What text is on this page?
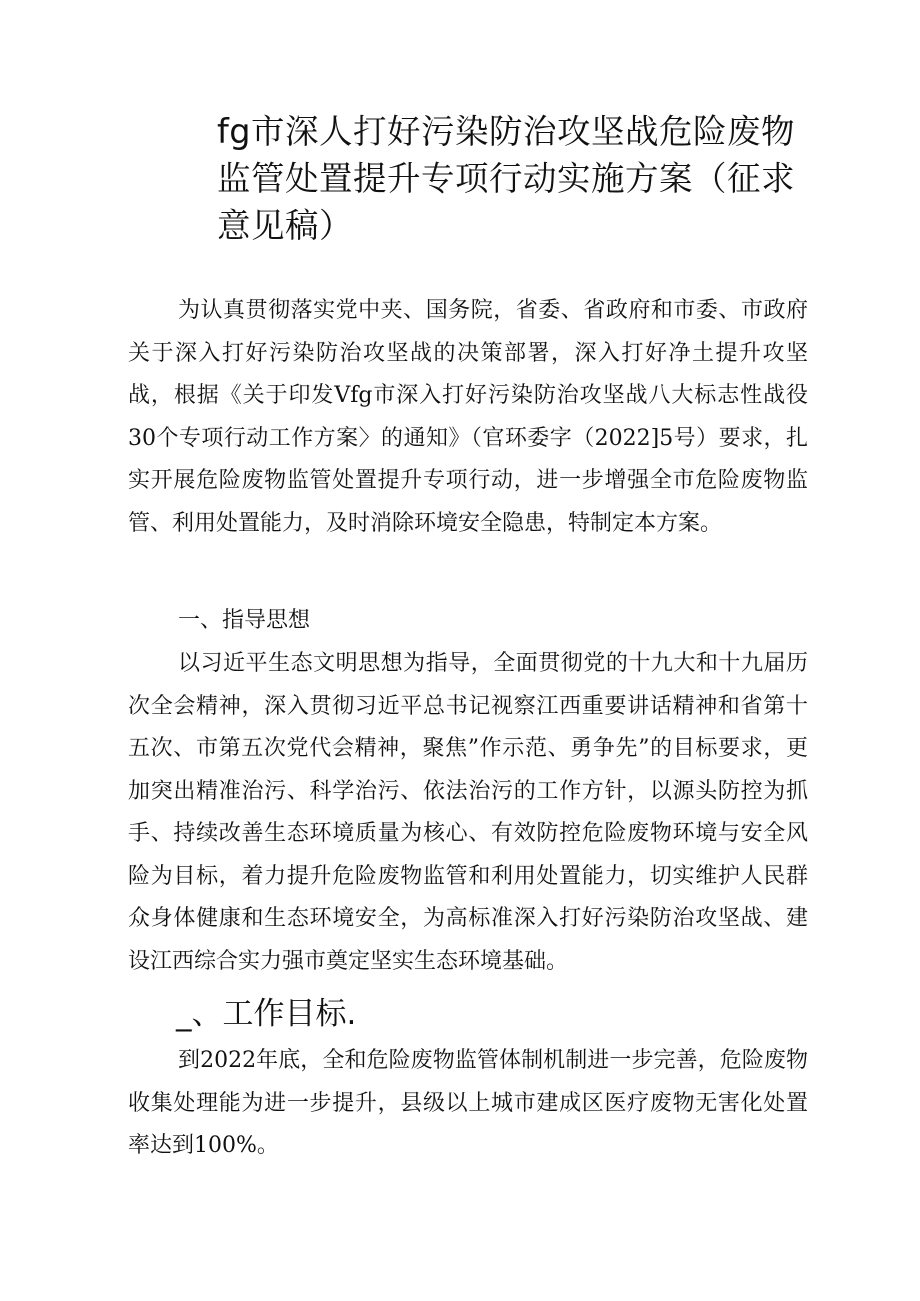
fg市深人打好污染防治攻坚战危险废物监管处置提升专项行动实施方案（征求意见稿）

为认真贯彻落实党中夹、国务院，省委、省政府和市委、市政府关于深入打好污染防治攻坚战的决策部署，深入打好净土提升攻坚战，根据《关于印发Vfg市深入打好污染防治攻坚战八大标志性战役30个专项行动工作方案〉的通知》（官环委字（2022]5号）要求，扎实开展危险废物监管处置提升专项行动，进一步增强全市危险废物监管、利用处置能力，及时消除环境安全隐患，特制定本方案。

一、指导思想

以习近平生态文明思想为指导，全面贯彻党的十九大和十九届历次全会精神，深入贯彻习近平总书记视察江西重要讲话精神和省第十五次、市第五次党代会精神，聚焦”作示范、勇争先”的目标要求，更加突出精准治污、科学治污、依法治污的工作方针，以源头防控为抓手、持续改善生态环境质量为核心、有效防控危险废物环境与安全风险为目标，着力提升危险废物监管和利用处置能力，切实维护人民群众身体健康和生态环境安全，为高标准深入打好污染防治攻坚战、建设江西综合实力强市奠定坚实生态环境基础。

_、工作目标.

到2022年底，全和危险废物监管体制机制进一步完善，危险废物收集处理能为进一步提升，县级以上城市建成区医疗废物无害化处置率达到100%。
